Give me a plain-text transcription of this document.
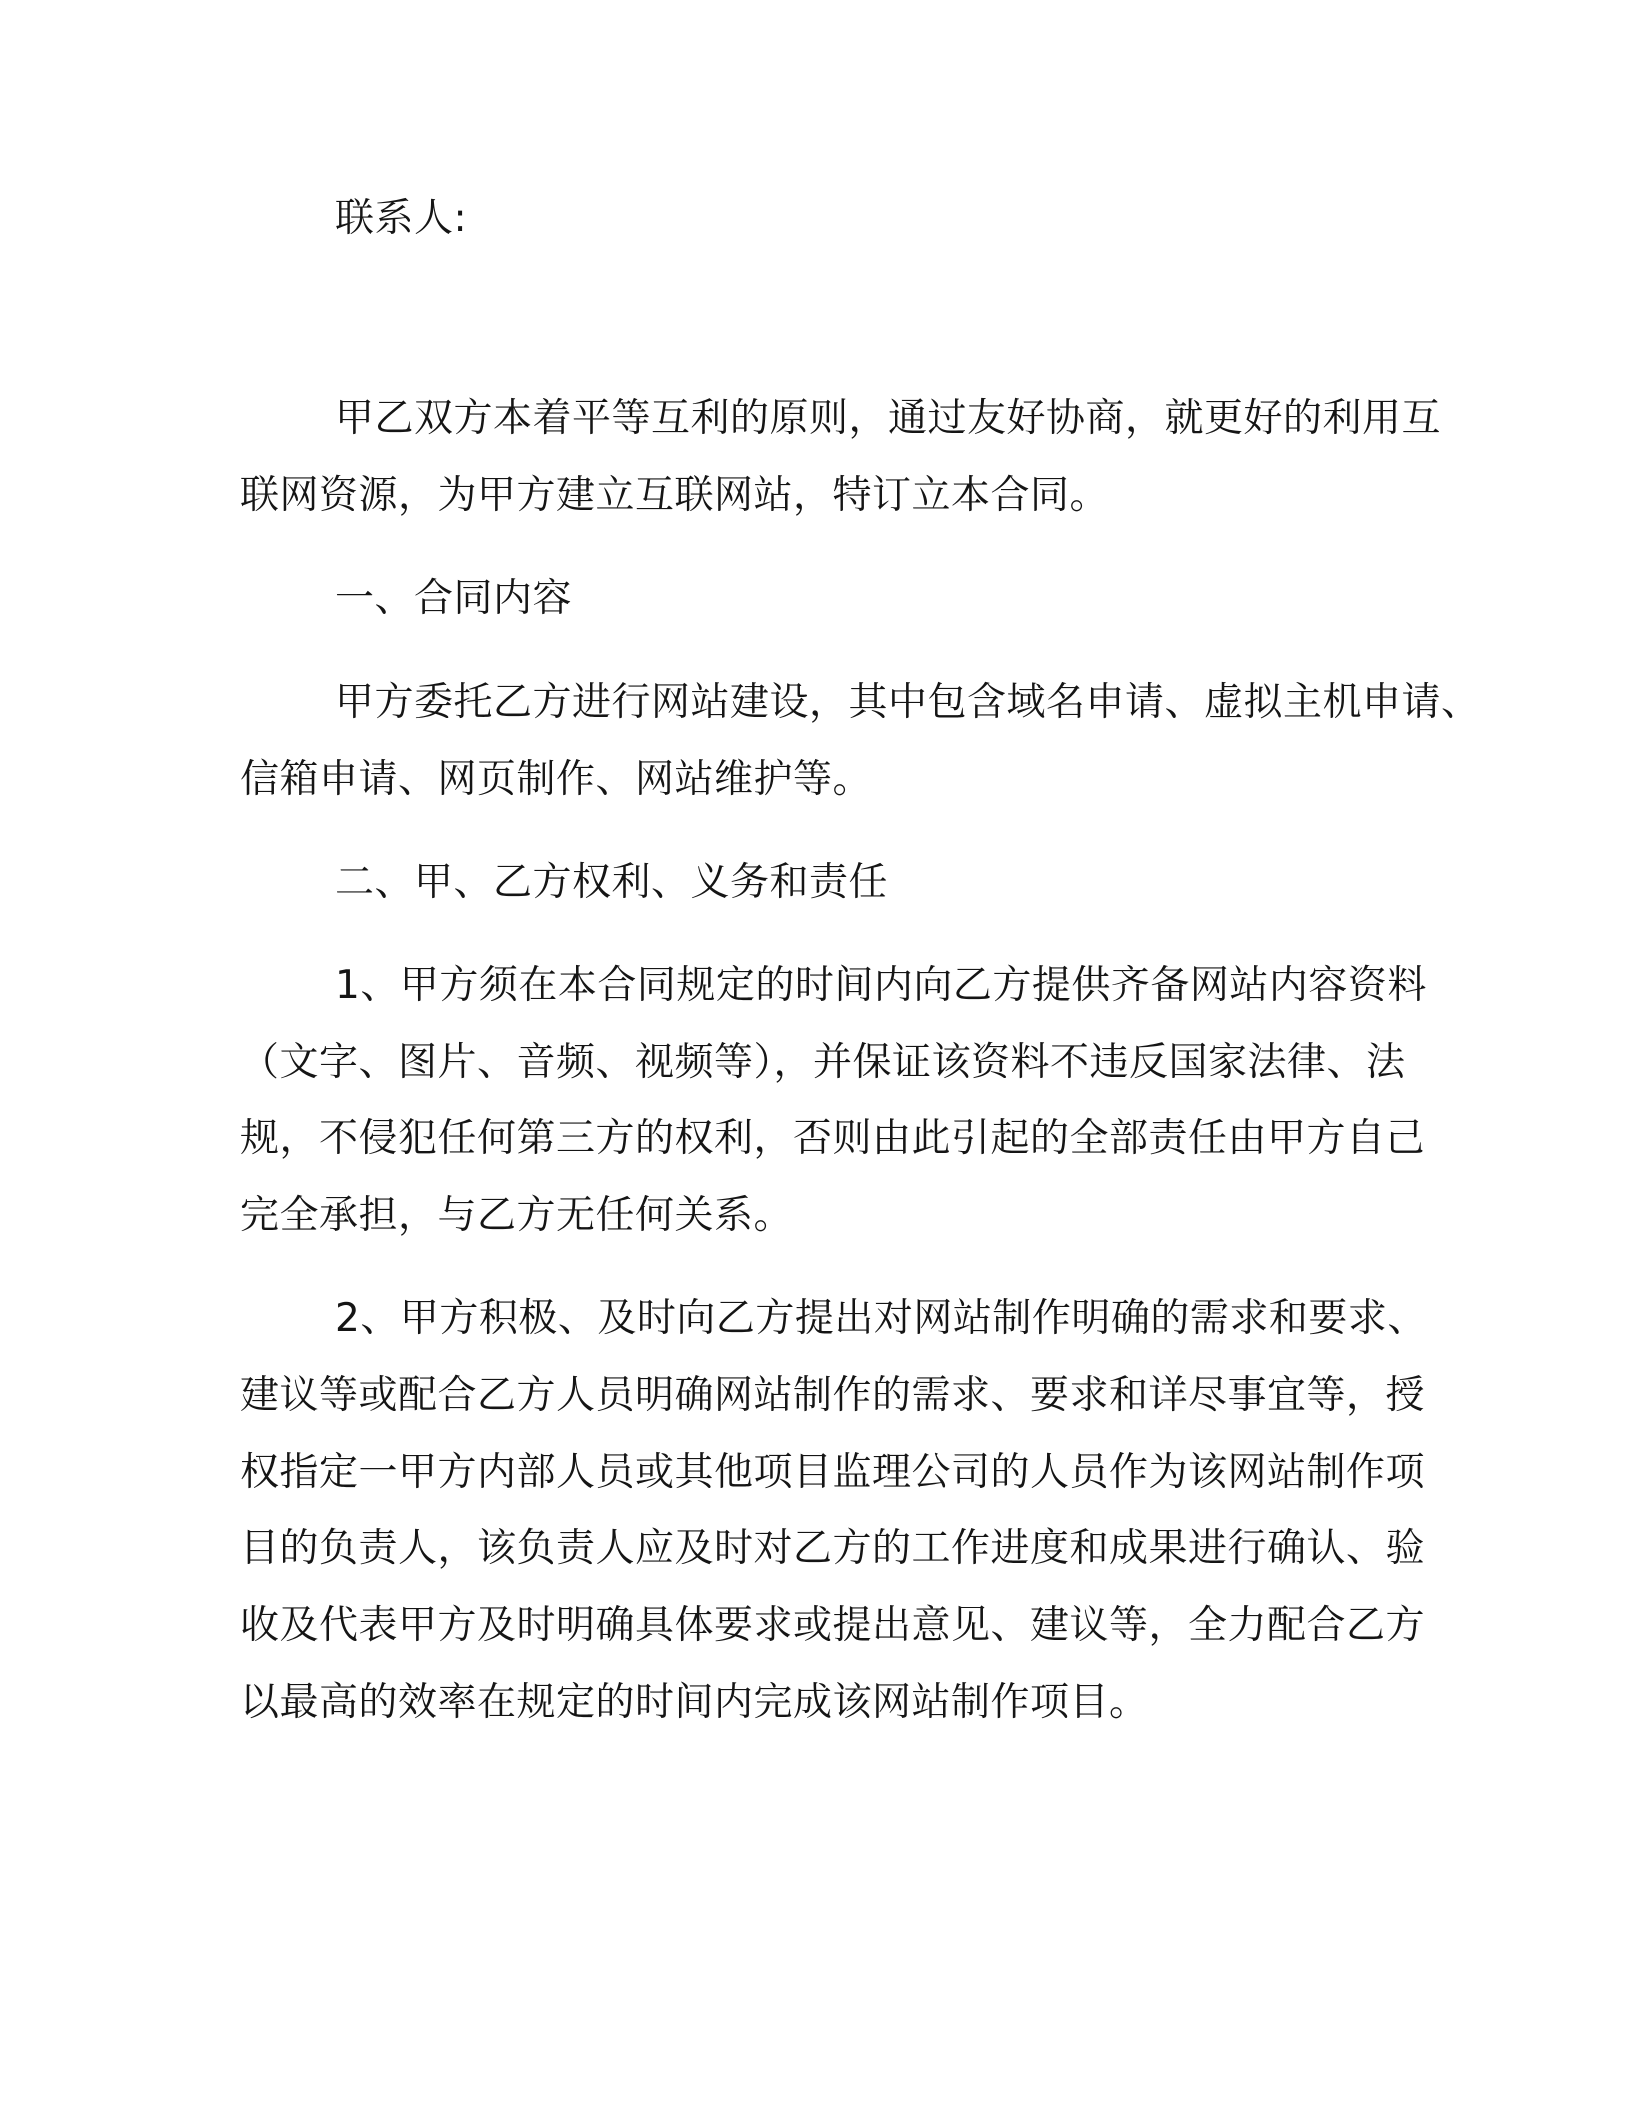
联系人:
甲乙双方本着平等互利的原则，通过友好协商，就更好的利用互
联网资源，为甲方建立互联网站，特订立本合同。
一、合同内容
甲方委托乙方进行网站建设，其中包含域名申请、虚拟主机申请、
信箱申请、网页制作、网站维护等。
二、甲、乙方权利、义务和责任
1、甲方须在本合同规定的时间内向乙方提供齐备网站内容资料
（文字、图片、音频、视频等），并保证该资料不违反国家法律、法
规，不侵犯任何第三方的权利，否则由此引起的全部责任由甲方自己
完全承担，与乙方无任何关系。
2、甲方积极、及时向乙方提出对网站制作明确的需求和要求、
建议等或配合乙方人员明确网站制作的需求、要求和详尽事宜等，授
权指定一甲方内部人员或其他项目监理公司的人员作为该网站制作项
目的负责人，该负责人应及时对乙方的工作进度和成果进行确认、验
收及代表甲方及时明确具体要求或提出意见、建议等，全力配合乙方
以最高的效率在规定的时间内完成该网站制作项目。
